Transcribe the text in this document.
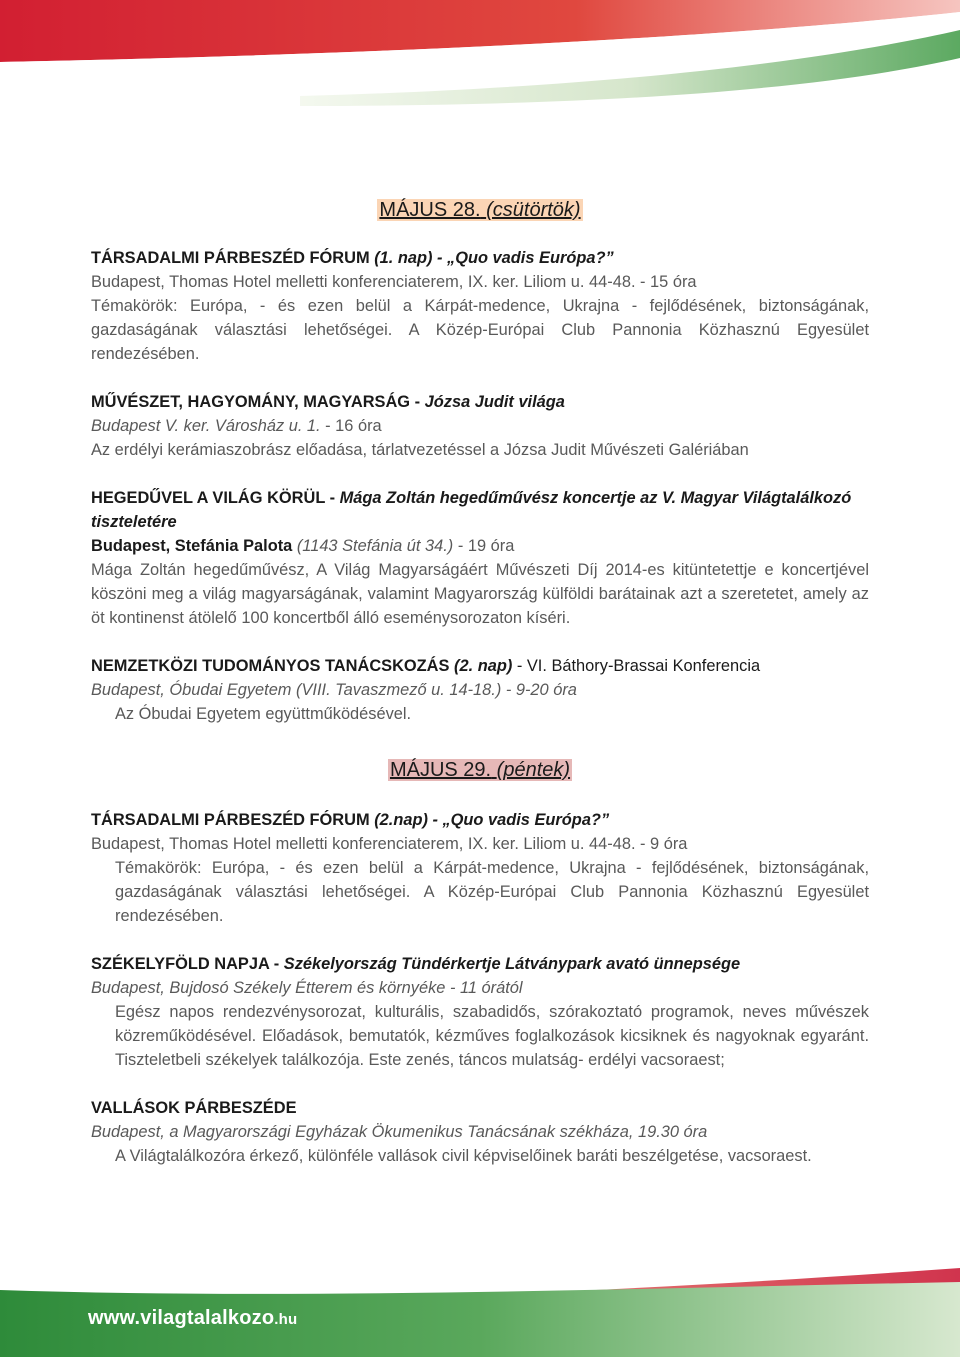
MÁJUS 28. (csütörtök)

TÁRSADALMI PÁRBESZÉD FÓRUM (1. nap) - „Quo vadis Európa?”

Budapest, Thomas Hotel melletti konferenciaterem, IX. ker. Liliom u. 44-48. - 15 óra

Témakörök: Európa, - és ezen belül a Kárpát-medence, Ukrajna - fejlődésének, biztonságának, gazdaságának választási lehetőségei. A Közép-Európai Club Pannonia Közhasznú Egyesület rendezésében.

MŰVÉSZET, HAGYOMÁNY, MAGYARSÁG - Józsa Judit világa

Budapest V. ker. Városház u. 1. - 16 óra

Az erdélyi kerámiaszobrász előadása, tárlatvezetéssel a Józsa Judit Művészeti Galériában

HEGEDŰVEL A VILÁG KÖRÜL - Mága Zoltán hegedűművész koncertje az V. Magyar Világtalálkozó tiszteletére

Budapest, Stefánia Palota (1143 Stefánia út 34.) - 19 óra

Mága Zoltán hegedűművész, A Világ Magyarságáért Művészeti Díj 2014-es kitüntetettje e koncertjével köszöni meg a világ magyarságának, valamint Magyarország külföldi barátainak azt a szeretetet, amely az öt kontinenst átölelő 100 koncertből álló eseménysorozaton kíséri.

NEMZETKÖZI TUDOMÁNYOS TANÁCSKOZÁS (2. nap) - VI. Báthory-Brassai Konferencia

Budapest, Óbudai Egyetem (VIII. Tavaszmező u. 14-18.) - 9-20 óra

Az Óbudai Egyetem együttműködésével.

MÁJUS 29. (péntek)

TÁRSADALMI PÁRBESZÉD FÓRUM (2.nap) - „Quo vadis Európa?”

Budapest, Thomas Hotel melletti konferenciaterem, IX. ker. Liliom u. 44-48. - 9 óra

Témakörök: Európa, - és ezen belül a Kárpát-medence, Ukrajna - fejlődésének, biztonságának, gazdaságának választási lehetőségei. A Közép-Európai Club Pannonia Közhasznú Egyesület rendezésében.

SZÉKELYFÖLD NAPJA - Székelyország Tündérkertje Látványpark avató ünnepsége

Budapest, Bujdosó Székely Étterem és környéke - 11 órától

Egész napos rendezvénysorozat, kulturális, szabadidős, szórakoztató programok, neves művészek közreműködésével. Előadások, bemutatók, kézműves foglalkozások kicsiknek és nagyoknak egyaránt. Tiszteletbeli székelyek találkozója. Este zenés, táncos mulatság- erdélyi vacsoraest;

VALLÁSOK PÁRBESZÉDE

Budapest, a Magyarországi Egyházak Ökumenikus Tanácsának székháza, 19.30 óra

A Világtalálkozóra érkező, különféle vallások civil képviselőinek baráti beszélgetése, vacsoraest.

www.vilagtalalkozo.hu
